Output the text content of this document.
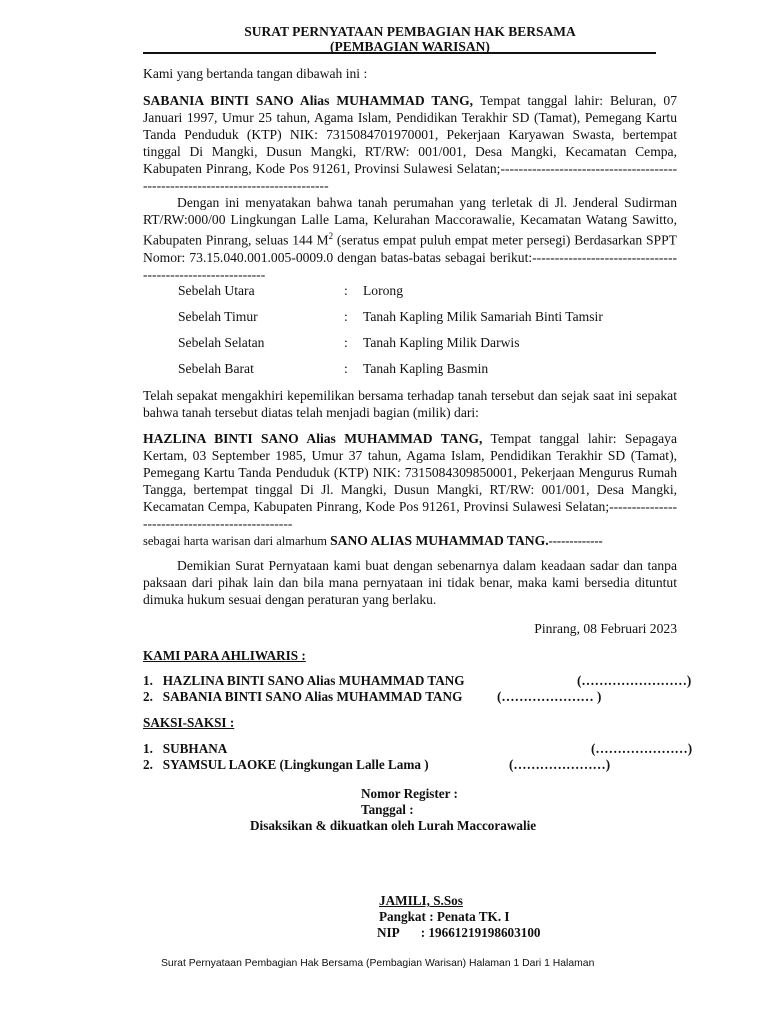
SURAT PERNYATAAN PEMBAGIAN HAK BERSAMA
(PEMBAGIAN WARISAN)
Kami yang bertanda tangan dibawah ini :

SABANIA BINTI SANO Alias MUHAMMAD TANG, Tempat tanggal lahir: Beluran, 07 Januari 1997, Umur 25 tahun, Agama Islam, Pendidikan Terakhir SD (Tamat), Pemegang Kartu Tanda Penduduk (KTP) NIK: 7315084701970001, Pekerjaan Karyawan Swasta, bertempat tinggal Di Mangki, Dusun Mangki, RT/RW: 001/001, Desa Mangki, Kecamatan Cempa, Kabupaten Pinrang, Kode Pos 91261, Provinsi Sulawesi Selatan;--------------------------------------------------------------------------------

Dengan ini menyatakan bahwa tanah perumahan yang terletak di Jl. Jenderal Sudirman RT/RW:000/00 Lingkungan Lalle Lama, Kelurahan Maccorawalie, Kecamatan Watang Sawitto, Kabupaten Pinrang, seluas 144 $M^2$ (seratus empat puluh empat meter persegi) Berdasarkan SPPT Nomor: 73.15.040.001.005-0009.0 dengan batas-batas sebagai berikut:-----------------------------------------------------------

Sebelah Utara	: Lorong
Sebelah Timur	: Tanah Kapling Milik Samariah Binti Tamsir
Sebelah Selatan	: Tanah Kapling Milik Darwis
Sebelah Barat	: Tanah Kapling Basmin

Telah sepakat mengakhiri kepemilikan bersama terhadap tanah tersebut dan sejak saat ini sepakat bahwa tanah tersebut diatas telah menjadi bagian (milik) dari:

HAZLINA BINTI SANO Alias MUHAMMAD TANG, Tempat tanggal lahir: Sepagaya Kertam, 03 September 1985, Umur 37 tahun, Agama Islam, Pendidikan Terakhir SD (Tamat), Pemegang Kartu Tanda Penduduk (KTP) NIK: 7315084309850001, Pekerjaan Mengurus Rumah Tangga, bertempat tinggal Di Jl. Mangki, Dusun Mangki, RT/RW: 001/001, Desa Mangki, Kecamatan Cempa, Kabupaten Pinrang, Kode Pos 91261, Provinsi Sulawesi Selatan;------------------------------------------------

sebagai harta warisan dari almarhum SANO ALIAS MUHAMMAD TANG.-------------

Demikian Surat Pernyataan kami buat dengan sebenarnya dalam keadaan sadar dan tanpa paksaan dari pihak lain dan bila mana pernyataan ini tidak benar, maka kami bersedia dituntut dimuka hukum sesuai dengan peraturan yang berlaku.

Pinrang, 08 Februari 2023
KAMI PARA AHLIWARIS :
1. HAZLINA BINTI SANO Alias MUHAMMAD TANG	(……………………)
2. SABANIA BINTI SANO Alias MUHAMMAD TANG	(………………… )
SAKSI-SAKSI :
1. SUBHANA	(…………………)
2. SYAMSUL LAOKE (Lingkungan Lalle Lama )	(…………………)
Nomor Register :
Tanggal :
Disaksikan & dikuatkan oleh Lurah Maccorawalie
JAMILI, S.Sos
Pangkat : Penata TK. I
NIP : 19661219198603100
Surat Pernyataan Pembagian Hak Bersama (Pembagian Warisan) Halaman 1 Dari 1 Halaman
